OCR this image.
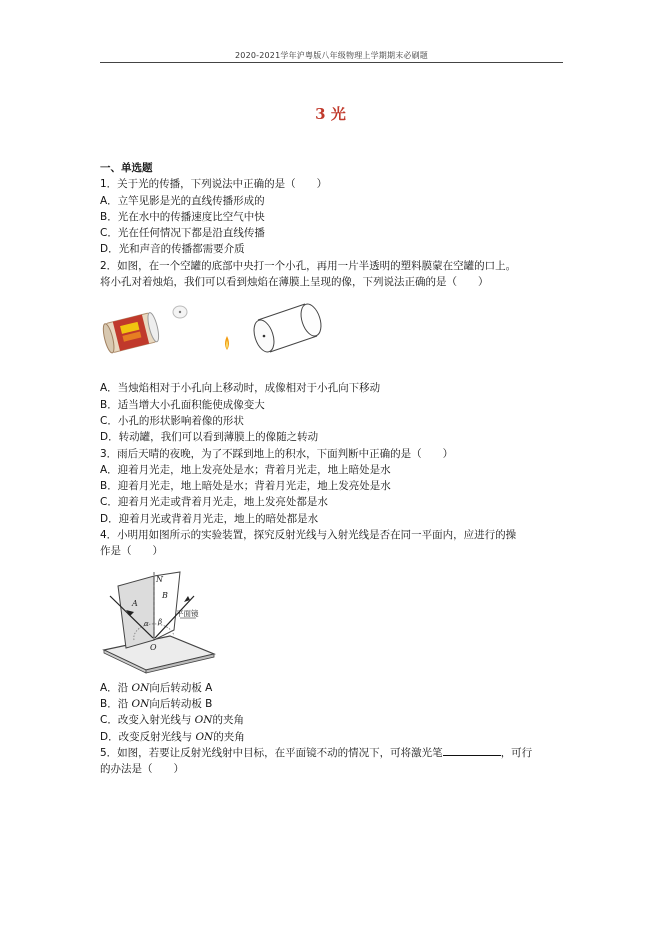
2020-2021学年沪粤版八年级物理上学期期末必刷题
3 光
一、单选题
1．关于光的传播，下列说法中正确的是（　　）
A．立竿见影是光的直线传播形成的
B．光在水中的传播速度比空气中快
C．光在任何情况下都是沿直线传播
D．光和声音的传播都需要介质
2．如图，在一个空罐的底部中央打一个小孔，再用一片半透明的塑料膜蒙在空罐的口上。
将小孔对着烛焰，我们可以看到烛焰在薄膜上呈现的像，下列说法正确的是（　　）
A．当烛焰相对于小孔向上移动时，成像相对于小孔向下移动
B．适当增大小孔面积能使成像变大
C．小孔的形状影响着像的形状
D．转动罐，我们可以看到薄膜上的像随之转动
3．雨后天晴的夜晚，为了不踩到地上的积水，下面判断中正确的是（　　）
A．迎着月光走，地上发亮处是水；背着月光走，地上暗处是水
B．迎着月光走，地上暗处是水；背着月光走，地上发亮处是水
C．迎着月光走或背着月光走，地上发亮处都是水
D．迎着月光或背着月光走，地上的暗处都是水
4．小明用如图所示的实验装置，探究反射光线与入射光线是否在同一平面内，应进行的操
作是（　　）
N
A
B
α β
O
平面镜
A．沿 ON向后转动板 A
B．沿 ON向后转动板 B
C．改变入射光线与 ON的夹角
D．改变反射光线与 ON的夹角
5．如图，若要让反射光线射中目标，在平面镜不动的情况下，可将激光笔	，可行
的办法是（　　）
